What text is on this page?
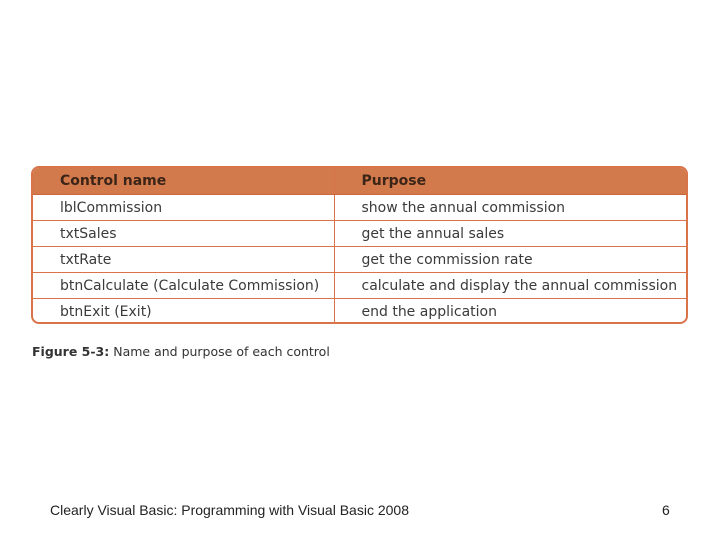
Control name	Purpose
lblCommission	show the annual commission
txtSales	get the annual sales
txtRate	get the commission rate
btnCalculate (Calculate Commission)	calculate and display the annual commission
btnExit (Exit)	end the application
Figure 5-3: Name and purpose of each control
Clearly Visual Basic: Programming with Visual Basic 2008	6
